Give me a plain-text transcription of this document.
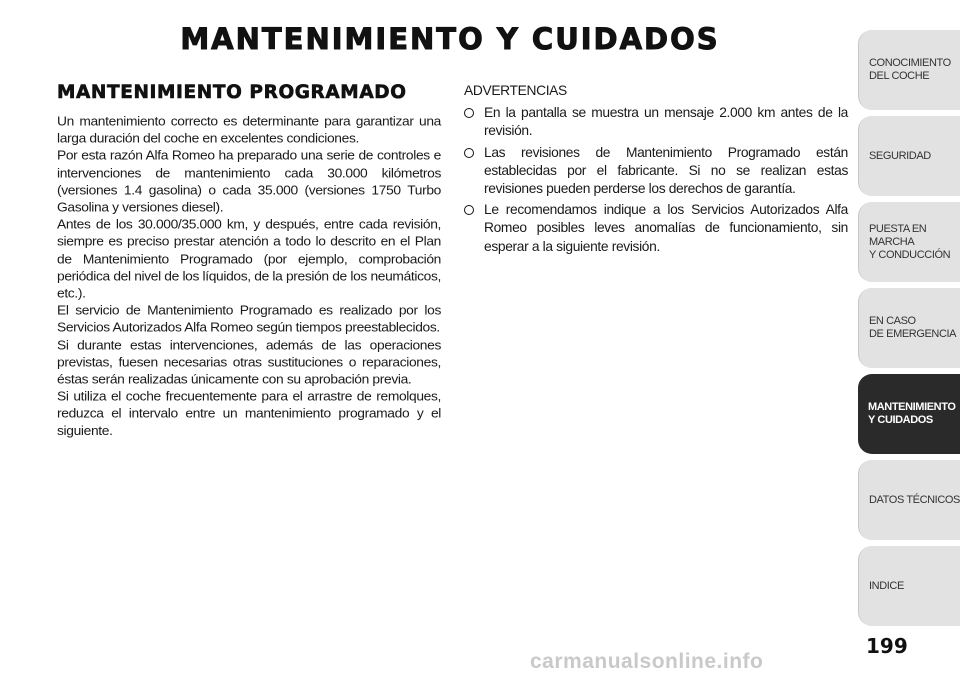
MANTENIMIENTO Y CUIDADOS
MANTENIMIENTO PROGRAMADO

Un mantenimiento correcto es determinante para garantizar una larga duración del coche en excelentes condiciones.

Por esta razón Alfa Romeo ha preparado una serie de controles e intervenciones de mantenimiento cada 30.000 kilómetros (versiones 1.4 gasolina) o cada 35.000 (versiones 1750 Turbo Gasolina y versiones diesel).

Antes de los 30.000/35.000 km, y después, entre cada revisión, siempre es preciso prestar atención a todo lo descrito en el Plan de Mantenimiento Programado (por ejemplo, comprobación periódica del nivel de los líquidos, de la presión de los neumáticos, etc.).

El servicio de Mantenimiento Programado es realizado por los Servicios Autorizados Alfa Romeo según tiempos preestablecidos.

Si durante estas intervenciones, además de las operaciones previstas, fuesen necesarias otras sustituciones o reparaciones, éstas serán realizadas únicamente con su aprobación previa.

Si utiliza el coche frecuentemente para el arrastre de remolques, reduzca el intervalo entre un mantenimiento programado y el siguiente.

ADVERTENCIAS

En la pantalla se muestra un mensaje 2.000 km antes de la revisión.
Las revisiones de Mantenimiento Programado están establecidas por el fabricante. Si no se realizan estas revisiones pueden perderse los derechos de garantía.
Le recomendamos indique a los Servicios Autorizados Alfa Romeo posibles leves anomalías de funcionamiento, sin esperar a la siguiente revisión.
CONOCIMIENTO
DEL COCHE
SEGURIDAD
PUESTA EN MARCHA
Y CONDUCCIÓN
EN CASO
DE EMERGENCIA
MANTENIMIENTO
Y CUIDADOS
DATOS TÉCNICOS
INDICE
199
carmanualsonline.info
